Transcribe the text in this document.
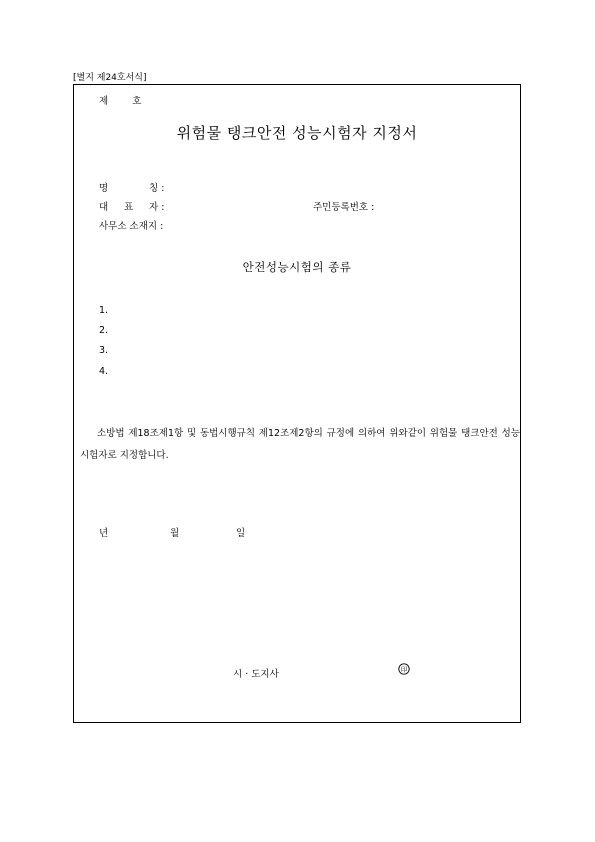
[별지 제24호서식]
제	호
위험물 탱크안전 성능시험자 지정서
명	칭 :
대 표 자 :	주민등록번호 :
사무소 소재지 :
안전성능시험의 종류
1.
2.
3.
4.
소방법 제18조제1항 및 동법시행규칙 제12조제2항의 규정에 의하여 위와같이 위험물 탱크안전 성능시험자로 지정합니다.
년	월	일
시 · 도지사	印
